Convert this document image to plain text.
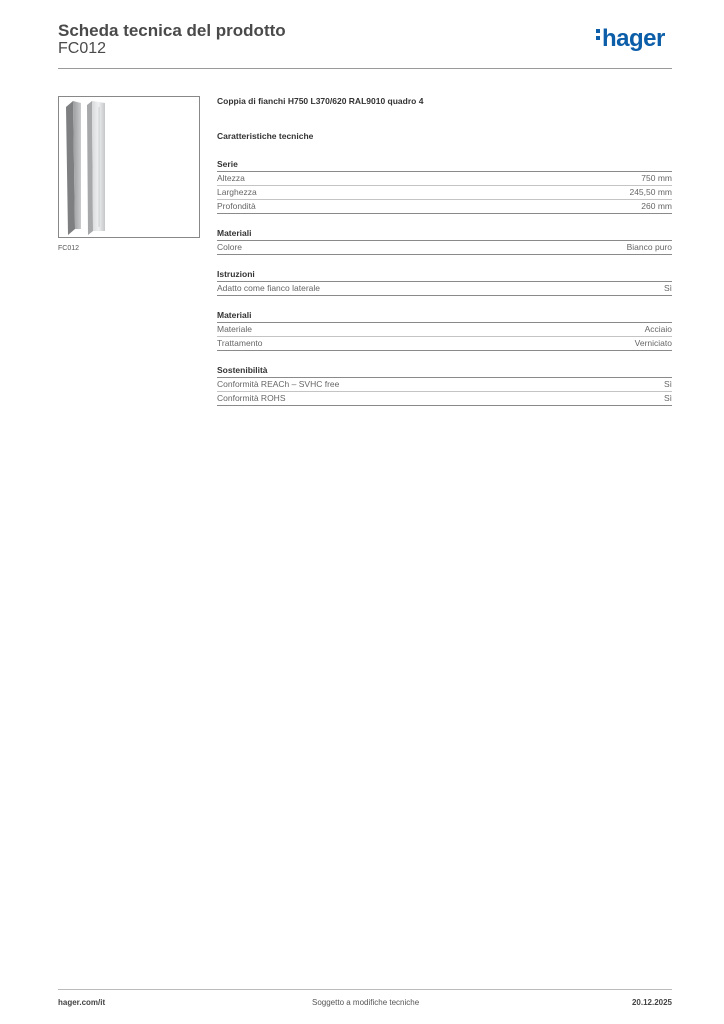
Scheda tecnica del prodotto
FC012	hager
FC012
Coppia di fianchi H750 L370/620 RAL9010 quadro 4
Caratteristiche tecniche
Serie
Altezza	750 mm
Larghezza	245,50 mm
Profondità	260 mm
Materiali
Colore	Bianco puro
Istruzioni
Adatto come fianco laterale	Sì
Materiali
Materiale	Acciaio
Trattamento	Verniciato
Sostenibilità
Conformità REACh – SVHC free	Sì
Conformità ROHS	Sì
hager.com/it	Soggetto a modifiche tecniche	20.12.2025
